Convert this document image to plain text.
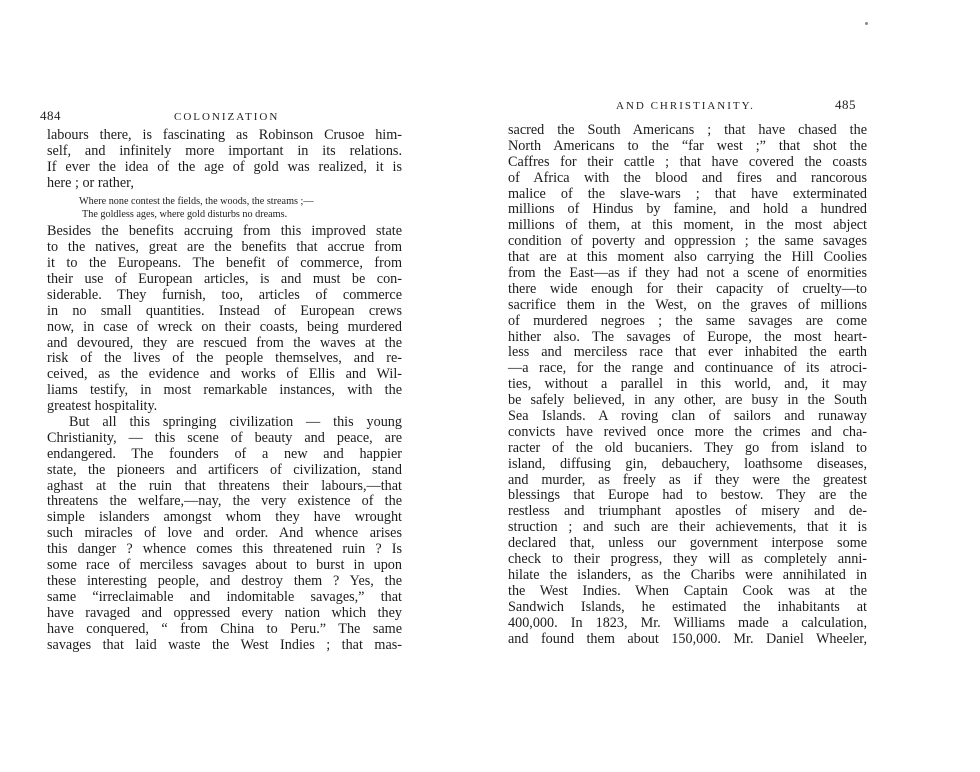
484	COLONIZATION
labours there, is fascinating as Robinson Crusoe him-
self, and infinitely more important in its relations.
If ever the idea of the age of gold was realized, it is
here ; or rather,
Where none contest the fields, the woods, the streams ;—
The goldless ages, where gold disturbs no dreams.
Besides the benefits accruing from this improved state
to the natives, great are the benefits that accrue from
it to the Europeans. The benefit of commerce, from
their use of European articles, is and must be con-
siderable. They furnish, too, articles of commerce
in no small quantities. Instead of European crews
now, in case of wreck on their coasts, being murdered
and devoured, they are rescued from the waves at the
risk of the lives of the people themselves, and re-
ceived, as the evidence and works of Ellis and Wil-
liams testify, in most remarkable instances, with the
greatest hospitality.
But all this springing civilization — this young
Christianity, — this scene of beauty and peace, are
endangered. The founders of a new and happier
state, the pioneers and artificers of civilization, stand
aghast at the ruin that threatens their labours,—that
threatens the welfare,—nay, the very existence of the
simple islanders amongst whom they have wrought
such miracles of love and order. And whence arises
this danger ? whence comes this threatened ruin ? Is
some race of merciless savages about to burst in upon
these interesting people, and destroy them ? Yes, the
same “irreclaimable and indomitable savages,” that
have ravaged and oppressed every nation which they
have conquered, “ from China to Peru.” The same
savages that laid waste the West Indies ; that mas-
AND CHRISTIANITY.	485
sacred the South Americans ; that have chased the
North Americans to the “far west ;” that shot the
Caffres for their cattle ; that have covered the coasts
of Africa with the blood and fires and rancorous
malice of the slave-wars ; that have exterminated
millions of Hindus by famine, and hold a hundred
millions of them, at this moment, in the most abject
condition of poverty and oppression ; the same savages
that are at this moment also carrying the Hill Coolies
from the East—as if they had not a scene of enormities
there wide enough for their capacity of cruelty—to
sacrifice them in the West, on the graves of millions
of murdered negroes ; the same savages are come
hither also. The savages of Europe, the most heart-
less and merciless race that ever inhabited the earth
—a race, for the range and continuance of its atroci-
ties, without a parallel in this world, and, it may
be safely believed, in any other, are busy in the South
Sea Islands. A roving clan of sailors and runaway
convicts have revived once more the crimes and cha-
racter of the old bucaniers. They go from island to
island, diffusing gin, debauchery, loathsome diseases,
and murder, as freely as if they were the greatest
blessings that Europe had to bestow. They are the
restless and triumphant apostles of misery and de-
struction ; and such are their achievements, that it is
declared that, unless our government interpose some
check to their progress, they will as completely anni-
hilate the islanders, as the Charibs were annihilated in
the West Indies. When Captain Cook was at the
Sandwich Islands, he estimated the inhabitants at
400,000. In 1823, Mr. Williams made a calculation,
and found them about 150,000. Mr. Daniel Wheeler,
